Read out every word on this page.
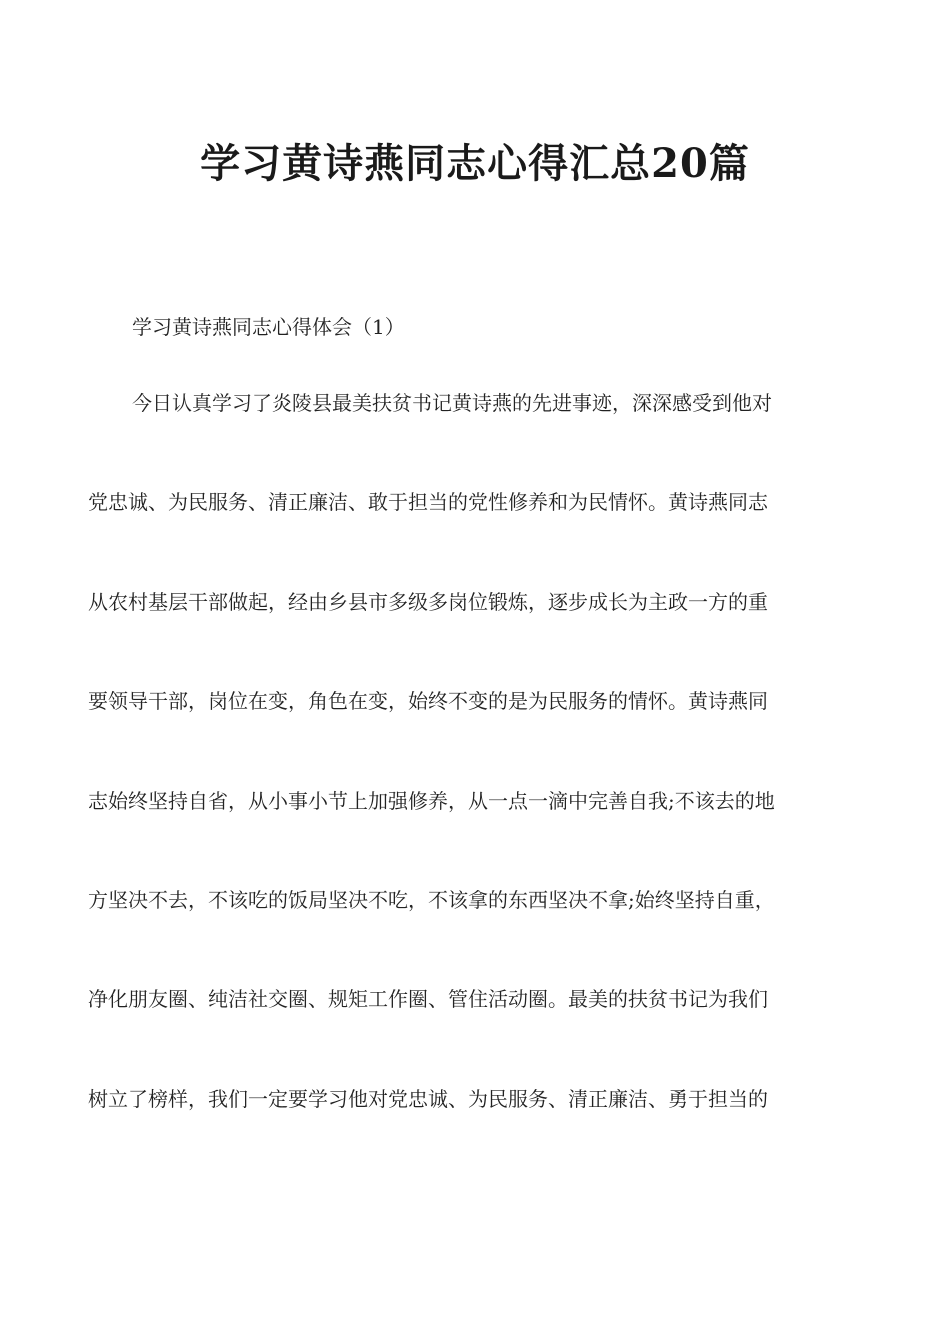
学习黄诗燕同志心得汇总20篇
学习黄诗燕同志心得体会（1）
今日认真学习了炎陵县最美扶贫书记黄诗燕的先进事迹，深深感受到他对
党忠诚、为民服务、清正廉洁、敢于担当的党性修养和为民情怀。黄诗燕同志
从农村基层干部做起，经由乡县市多级多岗位锻炼，逐步成长为主政一方的重
要领导干部，岗位在变，角色在变，始终不变的是为民服务的情怀。黄诗燕同
志始终坚持自省，从小事小节上加强修养，从一点一滴中完善自我;不该去的地
方坚决不去，不该吃的饭局坚决不吃，不该拿的东西坚决不拿;始终坚持自重，
净化朋友圈、纯洁社交圈、规矩工作圈、管住活动圈。最美的扶贫书记为我们
树立了榜样，我们一定要学习他对党忠诚、为民服务、清正廉洁、勇于担当的
